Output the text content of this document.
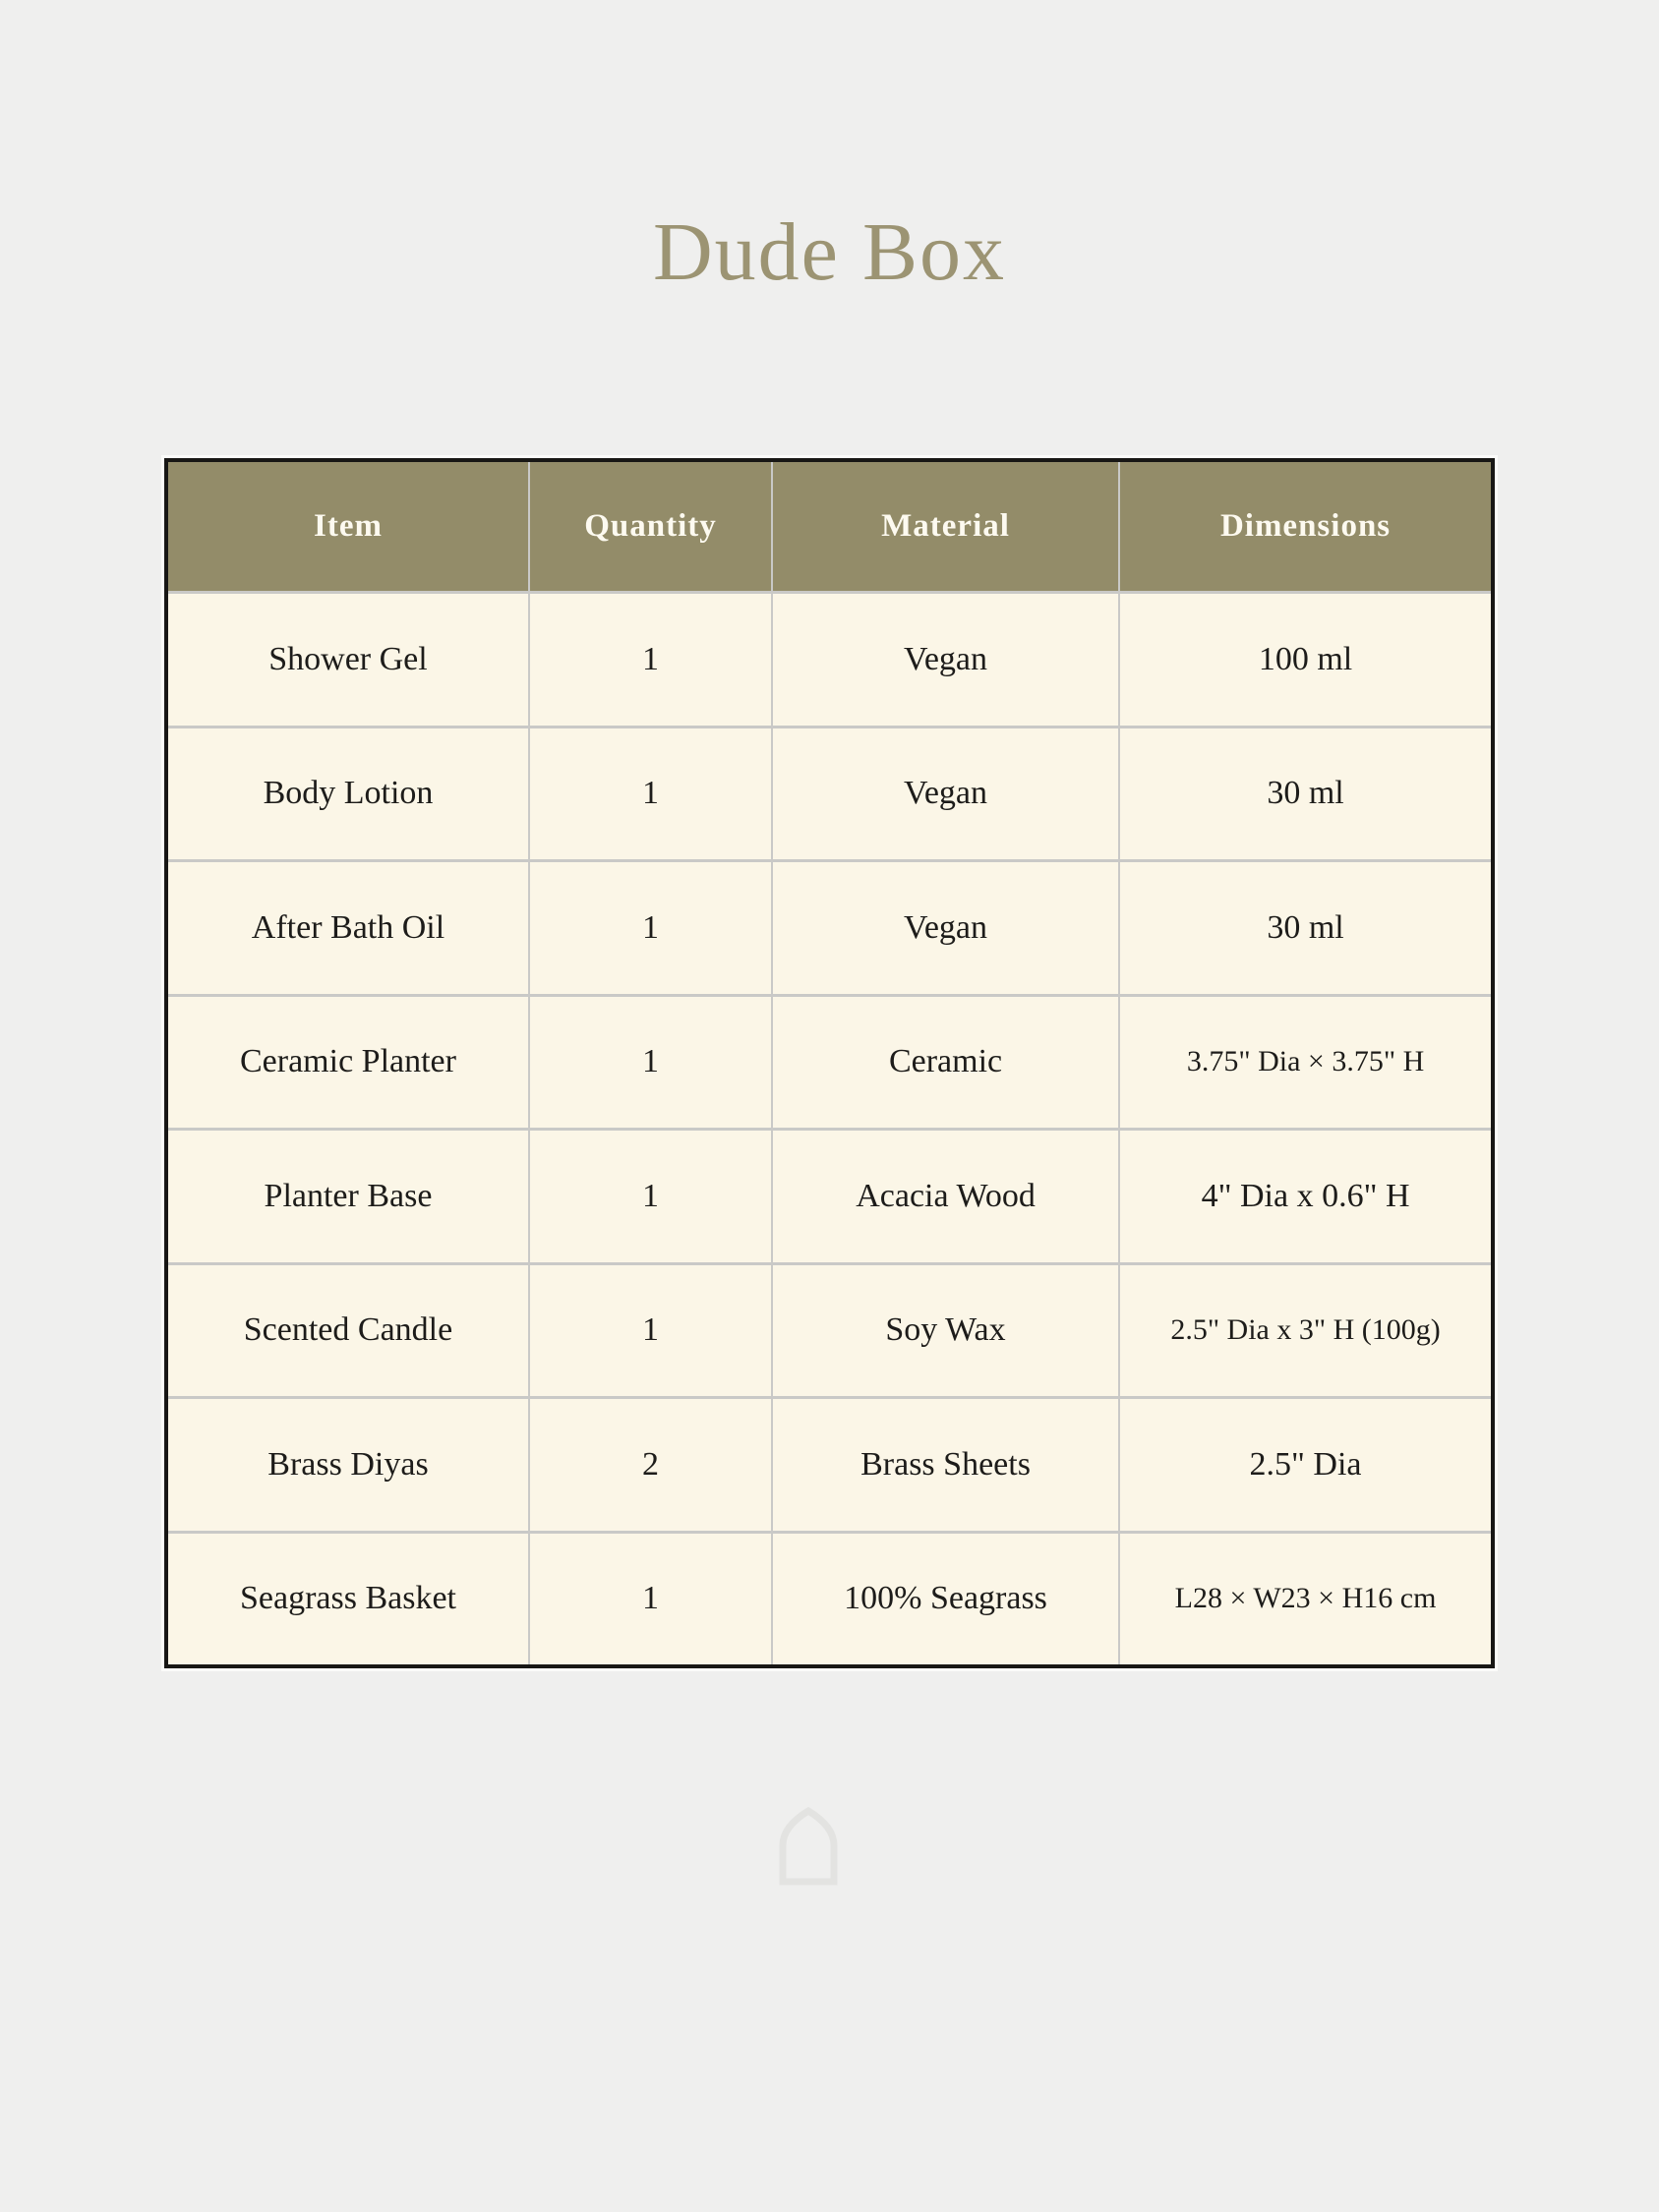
Dude Box
Item	Quantity	Material	Dimensions
Shower Gel	1	Vegan	100 ml
Body Lotion	1	Vegan	30 ml
After Bath Oil	1	Vegan	30 ml
Ceramic Planter	1	Ceramic	3.75" Dia × 3.75" H
Planter Base	1	Acacia Wood	4" Dia x 0.6" H
Scented Candle	1	Soy Wax	2.5" Dia x 3" H (100g)
Brass Diyas	2	Brass Sheets	2.5" Dia
Seagrass Basket	1	100% Seagrass	L28 × W23 × H16 cm
